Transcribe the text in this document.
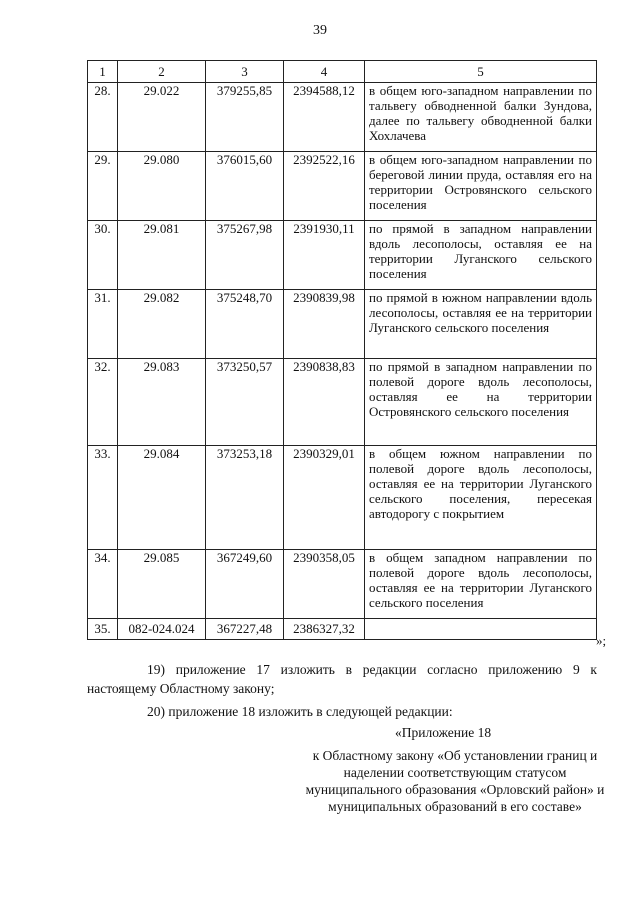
39
1	2	3	4	5
28.	29.022	379255,85	2394588,12	в общем юго-западном направлении по тальвегу обводненной балки Зундова, далее по тальвегу обводненной балки Хохлачева
29.	29.080	376015,60	2392522,16	в общем юго-западном направлении по береговой линии пруда, оставляя его на территории Островянского сельского поселения
30.	29.081	375267,98	2391930,11	по прямой в западном направлении вдоль лесополосы, оставляя ее на территории Луганского сельского поселения
31.	29.082	375248,70	2390839,98	по прямой в южном направлении вдоль лесополосы, оставляя ее на территории Луганского сельского поселения
32.	29.083	373250,57	2390838,83	по прямой в западном направлении по полевой дороге вдоль лесополосы, оставляя ее на территории Островянского сельского поселения
33.	29.084	373253,18	2390329,01	в общем южном направлении по полевой дороге вдоль лесополосы, оставляя ее на территории Луганского сельского поселения, пересекая автодорогу с покрытием
34.	29.085	367249,60	2390358,05	в общем западном направлении по полевой дороге вдоль лесополосы, оставляя ее на территории Луганского сельского поселения
35.	082-024.024	367227,48	2386327,32	
»;
19) приложение 17 изложить в редакции согласно приложению 9 к настоящему Областному закону;
20) приложение 18 изложить в следующей редакции:
«Приложение 18
к Областному закону «Об установлении границ и наделении соответствующим статусом муниципального образования «Орловский район» и муниципальных образований в его составе»
